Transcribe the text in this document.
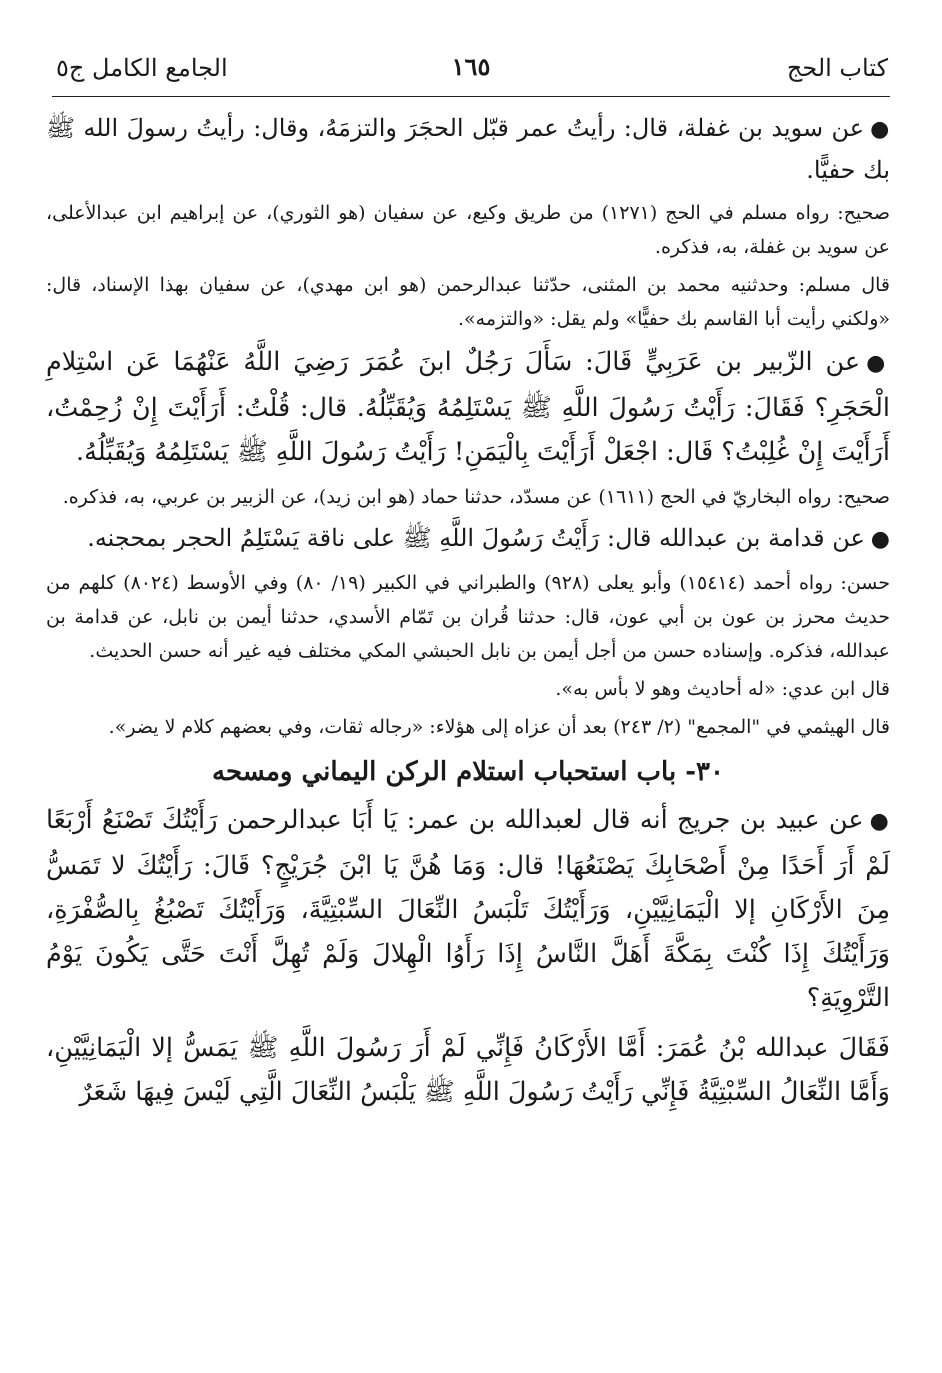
كتاب الحج
١٦٥
الجامع الكامل ج٥

●عن سويد بن غفلة، قال: رأيتُ عمر قبّل الحجَرَ والتزمَهُ، وقال: رأيتُ رسولَ الله ﷺ بك حفيًّا.

صحيح: رواه مسلم في الحج (١٢٧١) من طريق وكيع، عن سفيان (هو الثوري)، عن إبراهيم ابن عبدالأعلى، عن سويد بن غفلة، به، فذكره.

قال مسلم: وحدثنيه محمد بن المثنى، حدّثنا عبدالرحمن (هو ابن مهدي)، عن سفيان بهذا الإسناد، قال: «ولكني رأيت أبا القاسم بك حفيًّا» ولم يقل: «والتزمه».

●عن الزّبير بن عَرَبِيٍّ قَالَ: سَأَلَ رَجُلٌ ابنَ عُمَرَ رَضِيَ اللَّهُ عَنْهُمَا عَن اسْتِلامِ الْحَجَرِ؟ فَقَالَ: رَأَيْتُ رَسُولَ اللَّهِ ﷺ يَسْتَلِمُهُ وَيُقَبِّلُهُ. قال: قُلْتُ: أَرَأَيْتَ إِنْ زُحِمْتُ، أَرَأَيْتَ إِنْ غُلِبْتُ؟ قَال: اجْعَلْ أَرَأَيْتَ بِالْيَمَنِ! رَأَيْتُ رَسُولَ اللَّهِ ﷺ يَسْتَلِمُهُ وَيُقَبِّلُهُ.

صحيح: رواه البخاريّ في الحج (١٦١١) عن مسدّد، حدثنا حماد (هو ابن زيد)، عن الزبير بن عربي، به، فذكره.

●عن قدامة بن عبدالله قال: رَأَيْتُ رَسُولَ اللَّهِ ﷺ على ناقة يَسْتَلِمُ الحجر بمحجنه.

حسن: رواه أحمد (١٥٤١٤) وأبو يعلى (٩٢٨) والطبراني في الكبير (١٩/ ٨٠) وفي الأوسط (٨٠٢٤) كلهم من حديث محرز بن عون بن أبي عون، قال: حدثنا قُران بن تَمّام الأسدي، حدثنا أيمن بن نابل، عن قدامة بن عبدالله، فذكره. وإسناده حسن من أجل أيمن بن نابل الحبشي المكي مختلف فيه غير أنه حسن الحديث.

قال ابن عدي: «له أحاديث وهو لا بأس به».

قال الهيثمي في "المجمع" (٢/ ٢٤٣) بعد أن عزاه إلى هؤلاء: «رجاله ثقات، وفي بعضهم كلام لا يضر».

٣٠- باب استحباب استلام الركن اليماني ومسحه

●عن عبيد بن جريج أنه قال لعبدالله بن عمر: يَا أَبَا عبدالرحمن رَأَيْتُكَ تَصْنَعُ أَرْبَعًا لَمْ أَرَ أَحَدًا مِنْ أَصْحَابِكَ يَصْنَعُهَا! قال: وَمَا هُنَّ يَا ابْنَ جُرَيْجٍ؟ قَالَ: رَأَيْتُكَ لا تَمَسُّ مِنَ الأَرْكَانِ إلا الْيَمَانِيَّيْنِ، وَرَأَيْتُكَ تَلْبَسُ النِّعَالَ السِّبْتِيَّةَ، وَرَأَيْتُكَ تَصْبُغُ بِالصُّفْرَةِ، وَرَأَيْتُكَ إِذَا كُنْتَ بِمَكَّةَ أَهَلَّ النَّاسُ إِذَا رَأَوُا الْهِلالَ وَلَمْ تُهِلَّ أَنْتَ حَتَّى يَكُونَ يَوْمُ التَّرْوِيَةِ؟

فَقَالَ عبدالله بْنُ عُمَرَ: أَمَّا الأَرْكَانُ فَإِنِّي لَمْ أَرَ رَسُولَ اللَّهِ ﷺ يَمَسُّ إلا الْيَمَانِيَّيْنِ، وَأَمَّا النِّعَالُ السِّبْتِيَّةُ فَإِنِّي رَأَيْتُ رَسُولَ اللَّهِ ﷺ يَلْبَسُ النِّعَالَ الَّتِي لَيْسَ فِيهَا شَعَرٌ
